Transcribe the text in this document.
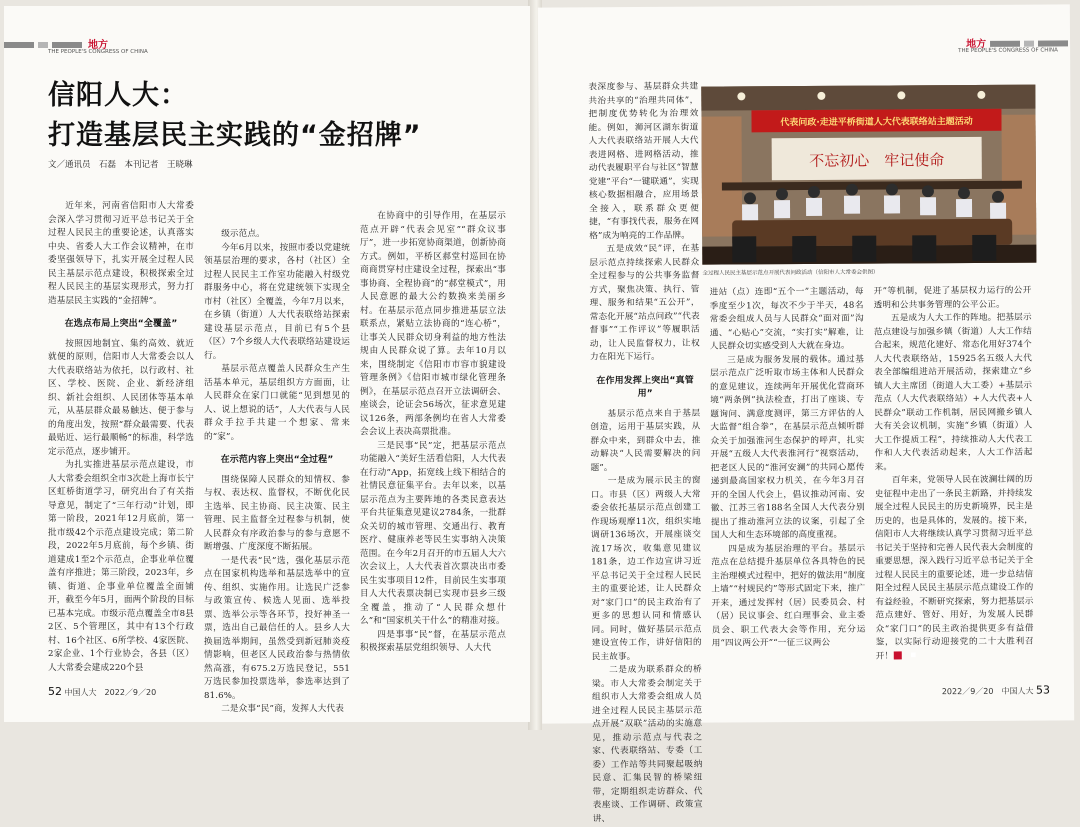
地方
THE PEOPLE'S CONGRESS OF CHINA
信阳人大：
打造基层民主实践的“金招牌”
文／通讯员　石磊　本刊记者　王晓琳

近年来，河南省信阳市人大常委会深入学习贯彻习近平总书记关于全过程人民民主的重要论述，认真落实中央、省委人大工作会议精神，在市委坚强领导下，扎实开展全过程人民民主基层示范点建设，积极探索全过程人民民主的基层实现形式，努力打造基层民主实践的“金招牌”。

在选点布局上突出“全覆盖”

按照因地制宜、集约高效、就近就便的原则，信阳市人大常委会以人大代表联络站为依托，以行政村、社区、学校、医院、企业、新经济组织、新社会组织、人民团体等基本单元，从基层群众最易触达、便于参与的角度出发，按照“群众最需要、代表最贴近、运行最顺畅”的标准，科学选定示范点，逐步铺开。

为扎实推进基层示范点建设，市人大常委会组织全市3次赴上海市长宁区虹桥街道学习，研究出台了有关指导意见，制定了“三年行动”计划，即第一阶段，2021年12月底前，第一批市级42个示范点建设完成；第二阶段，2022年5月底前，每个乡镇、街道建成1至2个示范点，企事业单位覆盖有序推进；第三阶段，2023年，乡镇、街道、企事业单位覆盖全面铺开，截至今年5月，面两个阶段的目标已基本完成。市级示范点覆盖全市8县2区、5个管理区，其中有13个行政村、16个社区、6所学校、4家医院、2家企业、1个行业协会，各县（区）人大常委会建成220个县

级示范点。

今年6月以来，按照市委以党建统领基层治理的要求，各村（社区）全过程人民民主工作室功能融入村级党群服务中心，将在党建统领下实现全市村（社区）全覆盖，今年7月以来，在乡镇（街道）人大代表联络站探索建设基层示范点，目前已有5个县（区）7个乡级人大代表联络站建设运行。

基层示范点覆盖人民群众生产生活基本单元，基层组织方方面面，让人民群众在家门口就能“见到想见的人、说上想说的话”，人大代表与人民群众手拉手共建一个想家、常来的“家”。

在示范内容上突出“全过程”

围绕保障人民群众的知情权、参与权、表达权、监督权，不断优化民主选举、民主协商、民主决策、民主管理、民主监督全过程参与机制，使人民群众有序政治参与的参与意愿不断增强、广度深度不断拓展。

一是代表“民”选，强化基层示范点在国家机构选举和基层选举中的宣传、组织、实施作用。让选民广泛参与政策宣传、候选人见面、选举投票、选举公示等各环节，投好神圣一票，选出自己最信任的人。县乡人大换届选举期间，虽然受到新冠肺炎疫情影响，但老区人民政治参与热情依然高涨，有675.2万选民登记，551万选民参加投票选举，参选率达到了81.6%。

二是众事“民”商，发挥人大代表

在协商中的引导作用，在基层示范点开辟“代表会见室”“群众议事厅”，进一步拓宽协商渠道，创新协商方式。例如，平桥区郝堂村巡回在协商商贯穿村庄建设全过程，探索出“事事协商、全程协商”的“郝堂模式”，用人民意愿的最大公约数换来美丽乡村。在基层示范点同步推进基层立法联系点，紧贴立法协商的“连心桥”，让事关人民群众切身利益的地方性法规由人民群众说了算。去年10月以来，围绕制定《信阳市市容市貌建设管理条例》《信阳市城市绿化管理条例》，在基层示范点召开立法调研会、座谈会，论证会56场次，征求意见建议126条，两部条例均在省人大常委会会议上表决高票批准。

三是民事“民”定，把基层示范点功能融入“美好生活看信阳，人大代表在行动”App，拓宽线上线下相结合的社情民意征集平台。去年以来，以基层示范点为主要阵地的各类民意表达平台共征集意见建议2784条，一批群众关切的城市管理、交通出行、教育医疗、健康养老等民生实事纳入决策范围。在今年2月召开的市五届人大六次会议上，人大代表首次票决出市委民生实事项目12件，目前民生实事项目人大代表票决制已实现市县乡三级全覆盖，推动了“人民群众想什么”和“国家机关干什么”的精准对接。

四是事事“民”督，在基层示范点积极探索基层党组织领导、人大代

52 中国人大　2022／9／20
地方
THE PEOPLE'S CONGRESS OF CHINA

表深度参与、基层群众共建共治共享的“治理共同体”，把制度优势转化为治理效能。例如，浉河区湖东街道人大代表联络站开展人大代表进网格、进网格活动，推动代表履职平台与社区“智慧党建”平台“一键联通”，实现核心数据相融合，应用场景全接入，联系群众更便捷，“有事找代表，服务在网格”成为响亮的工作品牌。

五是成效“民”评，在基层示范点持续探索人民群众全过程参与的公共事务监督方式，聚焦决策、执行、管理、服务和结果“五公开”，常态化开展“站点问政”“代表督事”“工作评议”等履职活动，让人民监督权力，让权力在阳光下运行。

在作用发挥上突出“真管用”

基层示范点来自于基层创造，运用于基层实践，从群众中来，到群众中去，推动解决“人民需要解决的问题”。

一是成为展示民主的窗口。市县（区）两级人大常委会依托基层示范点创建工作现场观摩11次，组织实地调研136场次，开展座谈交流17场次，收集意见建议181条，边工作边宣讲习近平总书记关于全过程人民民主的重要论述，让人民群众对“家门口”的民主政治有了更多的思想认同和情感认同。同时，做好基层示范点建设宣传工作，讲好信阳的民主故事。

二是成为联系群众的桥梁。市人大常委会制定关于组织市人大常委会组成人员进全过程人民民主基层示范点开展“双联”活动的实施意见，推动示范点与代表之家、代表联络站、专委（工委）工作站等共同聚起吸纳民意、汇集民智的桥梁纽带，定期组织走访群众、代表座谈、工作调研、政策宣讲、

代表问政·走进平桥街道人大代表联络站主题活动
不忘初心　牢记使命
全过程人民民主基层示范点开展代表问政活动（信阳市人大常委会供图）

进站（点）连即“五个一”主题活动，每季度至少1次，每次不少于半天，48名常委会组成人员与人民群众“面对面”沟通、“心贴心”交流，“实打实”解难，让人民群众切实感受到人大就在身边。

三是成为服务发展的载体。通过基层示范点广泛听取市场主体和人民群众的意见建议，连续两年开展优化营商环境“两条例”执法检查，打出了座谈、专题询问、满意度测评，第三方评估的人大监督“组合拳”，在基层示范点倾听群众关于加强淮河生态保护的呼声，扎实开展“五级人大代表淮河行”视察活动，把老区人民的“淮河安澜”的共同心愿传递到最高国家权力机关，在今年3月召开的全国人代会上，倡议推动河南、安徽、江苏三省188名全国人大代表分别提出了推动淮河立法的议案，引起了全国人大和生态环境部的高度重视。

四是成为基层治理的平台。基层示范点在总结提升基层单位各具特色的民主治理模式过程中，把好的做法用“制度上墙”“村规民约”等形式固定下来，推广开来，通过发挥村（居）民委员会、村（居）民议事会、红白理事会、业主委员会、职工代表大会等作用，充分运用“四议两公开”“一征三议两公

开”等机制，促进了基层权力运行的公开透明和公共事务管理的公平公正。

五是成为人大工作的阵地。把基层示范点建设与加强乡镇（街道）人大工作结合起来，规范化建好、常态化用好374个人大代表联络站，15925名五级人大代表全部编组进站开展活动，探索建立“乡镇人大主席团（街道人大工委）+基层示范点（人大代表联络站）+人大代表+人民群众”联动工作机制，居民网搬乡镇人大有关会议机制，实施“乡镇（街道）人大工作提质工程”，持续推动人大代表工作和人大代表活动起来，人大工作活起来。

百年来，党领导人民在波澜壮阔的历史征程中走出了一条民主新路，并持续发展全过程人民民主的历史新境界，民主是历史的，也是具体的，发展的。接下来，信阳市人大将继续认真学习贯彻习近平总书记关于坚持和完善人民代表大会制度的重要思想，深入践行习近平总书记关于全过程人民民主的重要论述，进一步总结信阳全过程人民民主基层示范点建设工作的有益经验，不断研究探索，努力把基层示范点建好、管好、用好，为发展人民群众“家门口”的民主政治提供更多有益借鉴，以实际行动迎接党的二十大胜利召开！	■

2022／9／20　中国人大 53
